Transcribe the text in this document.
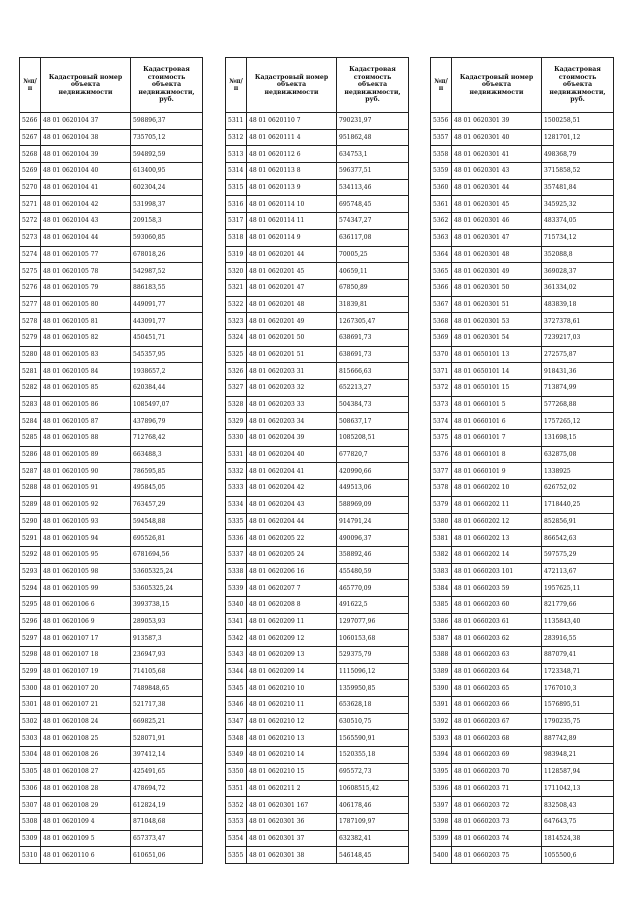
№п/п	Кадастровый номер объекта недвижимости	Кадастровая стоимость объекта недвижимости, руб.
5266	48 01 0620104 37	598896,37
5267	48 01 0620104 38	735705,12
5268	48 01 0620104 39	594892,59
5269	48 01 0620104 40	613400,95
5270	48 01 0620104 41	602304,24
5271	48 01 0620104 42	531998,37
5272	48 01 0620104 43	209158,3
5273	48 01 0620104 44	593060,85
5274	48 01 0620105 77	678018,26
5275	48 01 0620105 78	542987,52
5276	48 01 0620105 79	886183,55
5277	48 01 0620105 80	449091,77
5278	48 01 0620105 81	443091,77
5279	48 01 0620105 82	450451,71
5280	48 01 0620105 83	545357,95
5281	48 01 0620105 84	1938657,2
5282	48 01 0620105 85	620384,44
5283	48 01 0620105 86	1085497,07
5284	48 01 0620105 87	437896,79
5285	48 01 0620105 88	712768,42
5286	48 01 0620105 89	663488,3
5287	48 01 0620105 90	786595,85
5288	48 01 0620105 91	495845,05
5289	48 01 0620105 92	763457,29
5290	48 01 0620105 93	594548,88
5291	48 01 0620105 94	695526,81
5292	48 01 0620105 95	6781694,56
5293	48 01 0620105 98	53605325,24
5294	48 01 0620105 99	53605325,24
5295	48 01 0620106 6	3993738,15
5296	48 01 0620106 9	289053,93
5297	48 01 0620107 17	913587,3
5298	48 01 0620107 18	236947,93
5299	48 01 0620107 19	714105,68
5300	48 01 0620107 20	7489848,65
5301	48 01 0620107 21	521717,38
5302	48 01 0620108 24	669825,21
5303	48 01 0620108 25	528071,91
5304	48 01 0620108 26	397412,14
5305	48 01 0620108 27	425491,65
5306	48 01 0620108 28	478694,72
5307	48 01 0620108 29	612824,19
5308	48 01 0620109 4	871048,68
5309	48 01 0620109 5	657373,47
5310	48 01 0620110 6	610651,06
№п/п	Кадастровый номер объекта недвижимости	Кадастровая стоимость объекта недвижимости, руб.
5311	48 01 0620110 7	790231,97
5312	48 01 0620111 4	951862,48
5313	48 01 0620112 6	634753,1
5314	48 01 0620113 8	596377,51
5315	48 01 0620113 9	534113,46
5316	48 01 0620114 10	695748,45
5317	48 01 0620114 11	574347,27
5318	48 01 0620114 9	636117,08
5319	48 01 0620201 44	70005,25
5320	48 01 0620201 45	40659,11
5321	48 01 0620201 47	67850,89
5322	48 01 0620201 48	31839,81
5323	48 01 0620201 49	1267305,47
5324	48 01 0620201 50	638691,73
5325	48 01 0620201 51	638691,73
5326	48 01 0620203 31	815666,63
5327	48 01 0620203 32	652213,27
5328	48 01 0620203 33	504384,73
5329	48 01 0620203 34	508637,17
5330	48 01 0620204 39	1085208,51
5331	48 01 0620204 40	677820,7
5332	48 01 0620204 41	420990,66
5333	48 01 0620204 42	449513,06
5334	48 01 0620204 43	588969,09
5335	48 01 0620204 44	914791,24
5336	48 01 0620205 22	490096,37
5337	48 01 0620205 24	358892,46
5338	48 01 0620206 16	455480,59
5339	48 01 0620207 7	465770,09
5340	48 01 0620208 8	491622,5
5341	48 01 0620209 11	1297077,96
5342	48 01 0620209 12	1060153,68
5343	48 01 0620209 13	529375,79
5344	48 01 0620209 14	1115096,12
5345	48 01 0620210 10	1359950,85
5346	48 01 0620210 11	653628,18
5347	48 01 0620210 12	630510,75
5348	48 01 0620210 13	1565590,91
5349	48 01 0620210 14	1520355,18
5350	48 01 0620210 15	695572,73
5351	48 01 0620211 2	10608515,42
5352	48 01 0620301 167	406178,46
5353	48 01 0620301 36	1787109,97
5354	48 01 0620301 37	632382,41
5355	48 01 0620301 38	546148,45
№п/п	Кадастровый номер объекта недвижимости	Кадастровая стоимость объекта недвижимости, руб.
5356	48 01 0620301 39	1500258,51
5357	48 01 0620301 40	1281701,12
5358	48 01 0620301 41	498368,79
5359	48 01 0620301 43	3715858,52
5360	48 01 0620301 44	357481,84
5361	48 01 0620301 45	345925,32
5362	48 01 0620301 46	483374,05
5363	48 01 0620301 47	715734,12
5364	48 01 0620301 48	352088,8
5365	48 01 0620301 49	369028,37
5366	48 01 0620301 50	361334,02
5367	48 01 0620301 51	483839,18
5368	48 01 0620301 53	3727378,61
5369	48 01 0620301 54	7239217,03
5370	48 01 0650101 13	272575,87
5371	48 01 0650101 14	918431,36
5372	48 01 0650101 15	713874,99
5373	48 01 0660101 5	577268,88
5374	48 01 0660101 6	1757265,12
5375	48 01 0660101 7	131698,15
5376	48 01 0660101 8	632875,08
5377	48 01 0660101 9	1338925
5378	48 01 0660202 10	626752,02
5379	48 01 0660202 11	1718440,25
5380	48 01 0660202 12	852856,91
5381	48 01 0660202 13	866542,63
5382	48 01 0660202 14	597575,29
5383	48 01 0660203 101	472113,67
5384	48 01 0660203 59	1957625,11
5385	48 01 0660203 60	821779,66
5386	48 01 0660203 61	1135843,40
5387	48 01 0660203 62	283916,55
5388	48 01 0660203 63	887079,41
5389	48 01 0660203 64	1723348,71
5390	48 01 0660203 65	1767010,3
5391	48 01 0660203 66	1576895,51
5392	48 01 0660203 67	1790235,75
5393	48 01 0660203 68	887742,89
5394	48 01 0660203 69	983948,21
5395	48 01 0660203 70	1128587,94
5396	48 01 0660203 71	1711042,13
5397	48 01 0660203 72	832508,43
5398	48 01 0660203 73	647643,75
5399	48 01 0660203 74	1814524,38
5400	48 01 0660203 75	1055500,6
